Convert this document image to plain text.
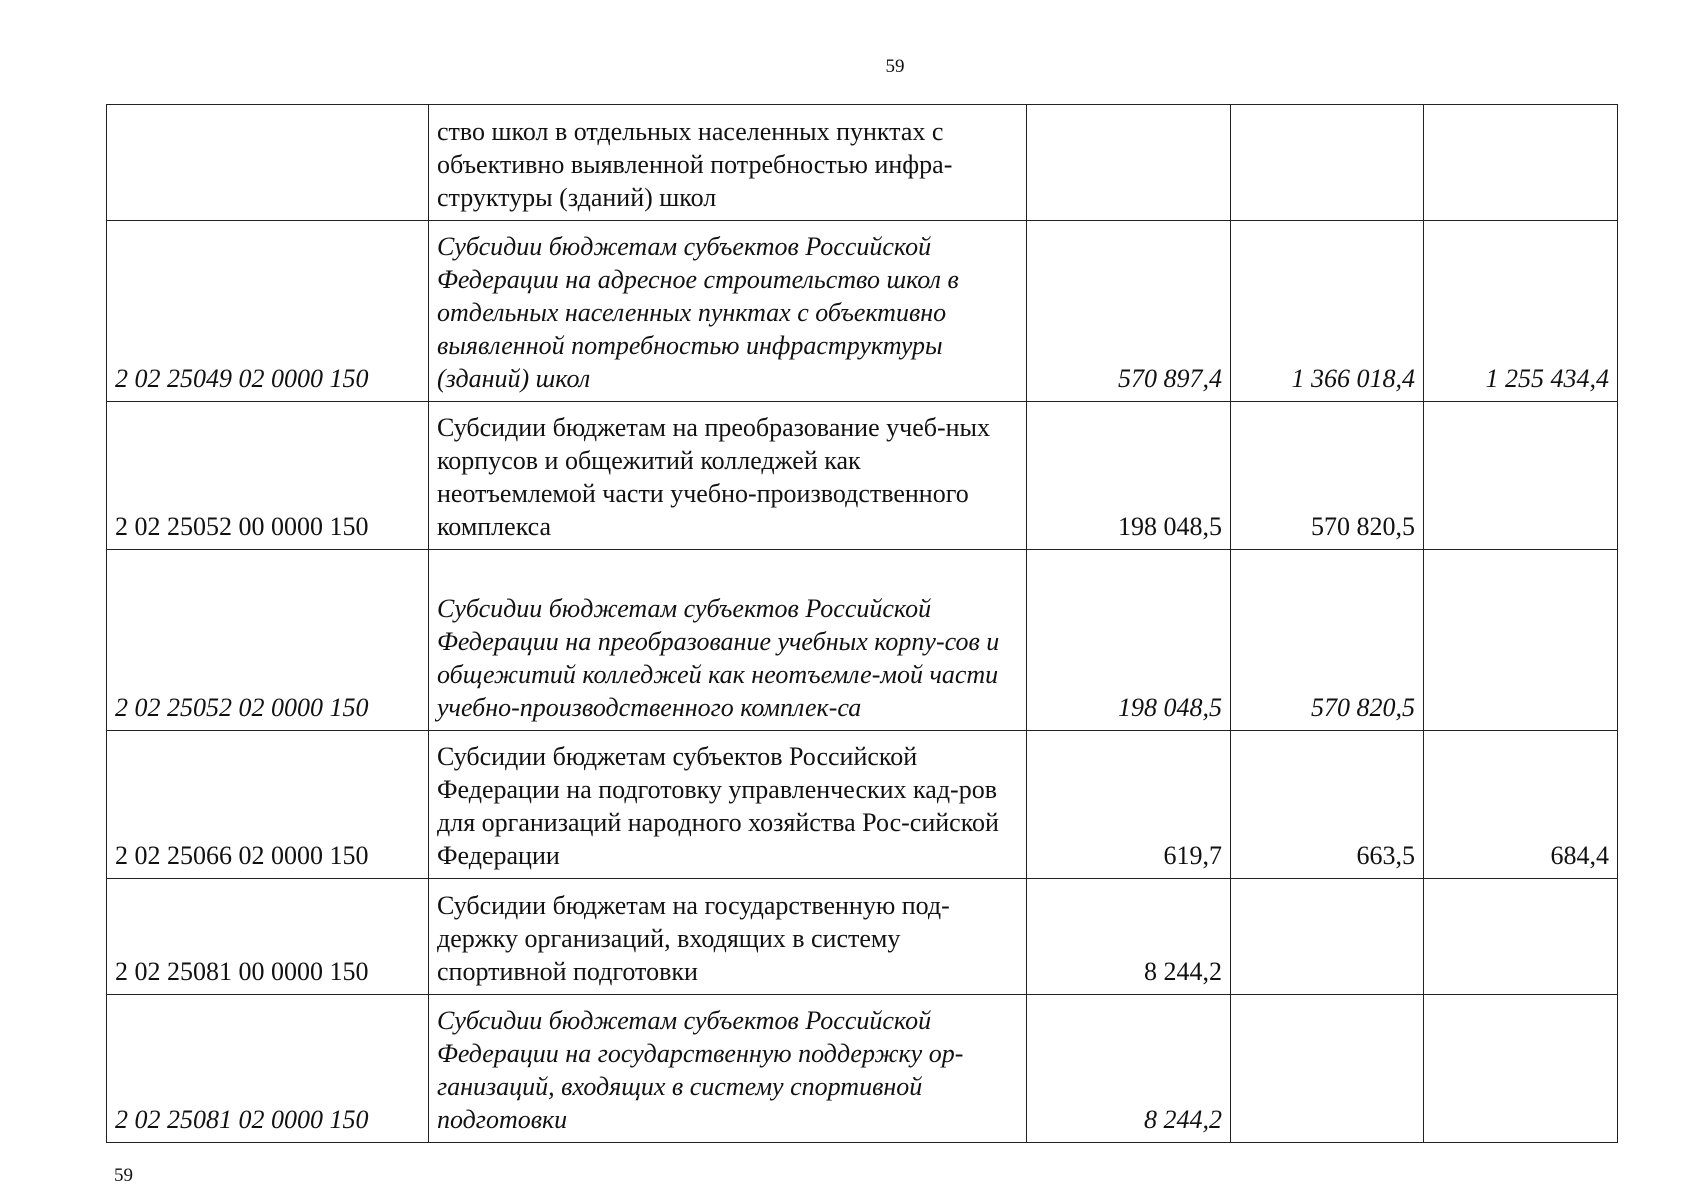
59
	ство школ в отдельных населенных пунктах с объективно выявленной потребностью инфра-структуры (зданий) школ			
2 02 25049 02 0000 150	Субсидии бюджетам субъектов Российской Федерации на адресное строительство школ в отдельных населенных пунктах с объективно выявленной потребностью инфраструктуры (зданий) школ	570 897,4	1 366 018,4	1 255 434,4
2 02 25052 00 0000 150	Субсидии бюджетам на преобразование учеб-ных корпусов и общежитий колледжей как неотъемлемой части учебно-производственного комплекса	198 048,5	570 820,5	
2 02 25052 02 0000 150	Субсидии бюджетам субъектов Российской Федерации на преобразование учебных корпу-сов и общежитий колледжей как неотъемле-мой части учебно-производственного комплек-са	198 048,5	570 820,5	
2 02 25066 02 0000 150	Субсидии бюджетам субъектов Российской Федерации на подготовку управленческих кад-ров для организаций народного хозяйства Рос-сийской Федерации	619,7	663,5	684,4
2 02 25081 00 0000 150	Субсидии бюджетам на государственную под-держку организаций, входящих в систему спортивной подготовки	8 244,2		
2 02 25081 02 0000 150	Субсидии бюджетам субъектов Российской Федерации на государственную поддержку ор-ганизаций, входящих в систему спортивной подготовки	8 244,2		
59
